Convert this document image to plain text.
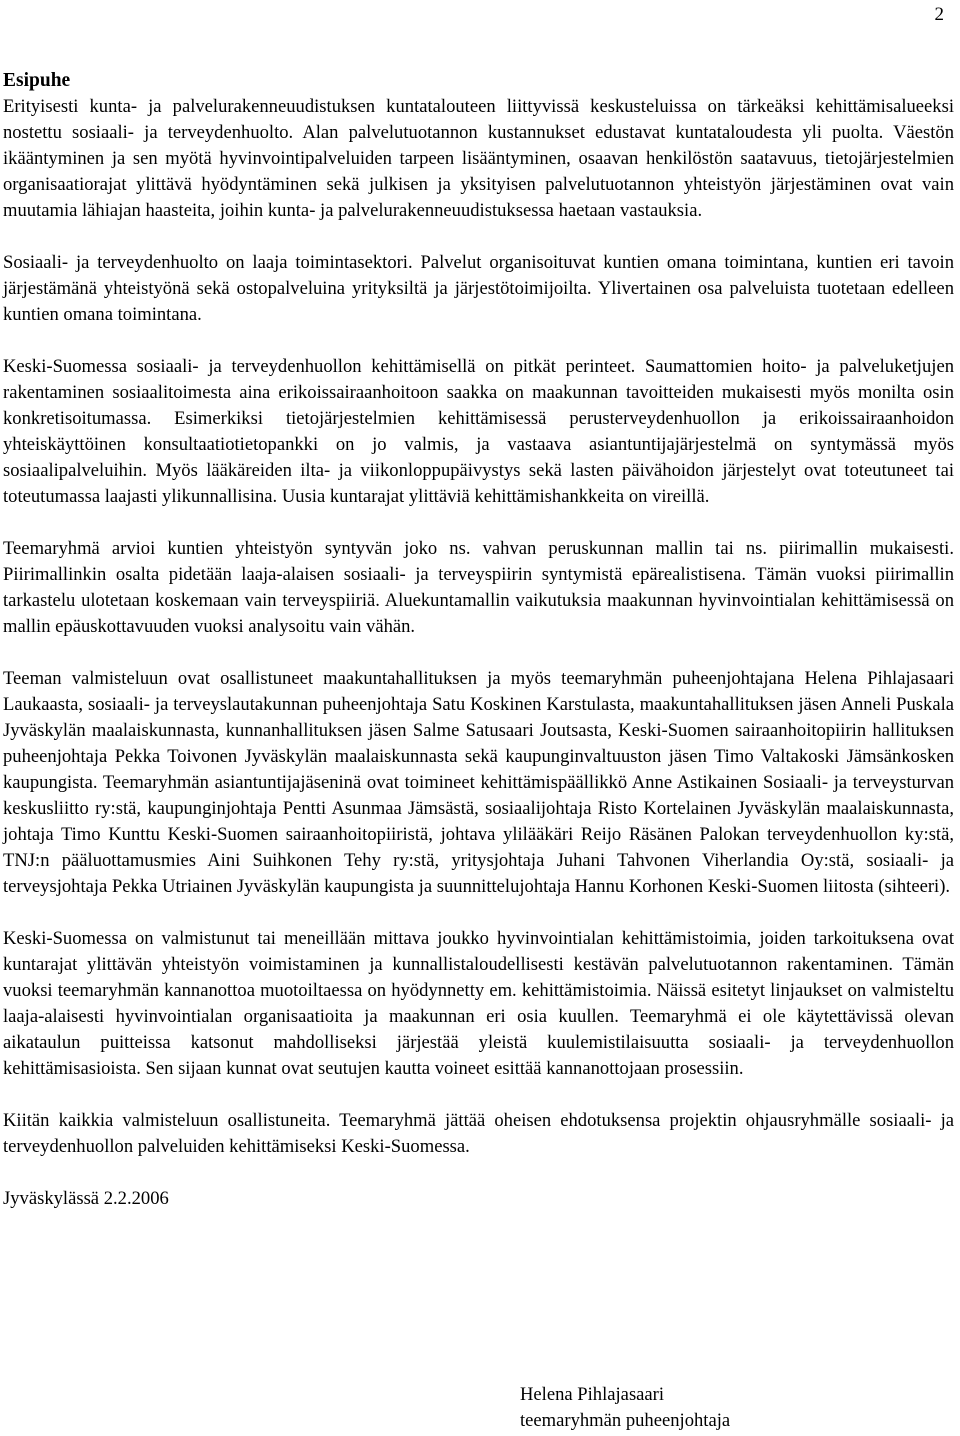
2
Esipuhe

Erityisesti kunta- ja palvelurakenneuudistuksen kuntatalouteen liittyvissä keskusteluissa on tärkeäksi kehittämisalueeksi nostettu sosiaali- ja terveydenhuolto. Alan palvelutuotannon kustannukset edustavat kuntataloudesta yli puolta. Väestön ikääntyminen ja sen myötä hyvinvointipalveluiden tarpeen lisääntyminen, osaavan henkilöstön saatavuus, tietojärjestelmien organisaatiorajat ylittävä hyödyntäminen sekä julkisen ja yksityisen palvelutuotannon yhteistyön järjestäminen ovat vain muutamia lähiajan haasteita, joihin kunta- ja palvelurakenneuudistuksessa haetaan vastauksia.

Sosiaali- ja terveydenhuolto on laaja toimintasektori. Palvelut organisoituvat kuntien omana toimintana, kuntien eri tavoin järjestämänä yhteistyönä sekä ostopalveluina yrityksiltä ja järjestötoimijoilta. Ylivertainen osa palveluista tuotetaan edelleen kuntien omana toimintana.

Keski-Suomessa sosiaali- ja terveydenhuollon kehittämisellä on pitkät perinteet. Saumattomien hoito- ja palveluketjujen rakentaminen sosiaalitoimesta aina erikoissairaanhoitoon saakka on maakunnan tavoitteiden mukaisesti myös monilta osin konkretisoitumassa. Esimerkiksi tietojärjestelmien kehittämisessä perusterveydenhuollon ja erikoissairaanhoidon yhteiskäyttöinen konsultaatiotietopankki on jo valmis, ja vastaava asiantuntijajärjestelmä on syntymässä myös sosiaalipalveluihin. Myös lääkäreiden ilta- ja viikonloppupäivystys sekä lasten päivähoidon järjestelyt ovat toteutuneet tai toteutumassa laajasti ylikunnallisina. Uusia kuntarajat ylittäviä kehittämishankkeita on vireillä.

Teemaryhmä arvioi kuntien yhteistyön syntyvän joko ns. vahvan peruskunnan mallin tai ns. piirimallin mukaisesti. Piirimallinkin osalta pidetään laaja-alaisen sosiaali- ja terveyspiirin syntymistä epärealistisena. Tämän vuoksi piirimallin tarkastelu ulotetaan koskemaan vain terveyspiiriä. Aluekuntamallin vaikutuksia maakunnan hyvinvointialan kehittämisessä on mallin epäuskottavuuden vuoksi analysoitu vain vähän.

Teeman valmisteluun ovat osallistuneet maakuntahallituksen ja myös teemaryhmän puheenjohtajana Helena Pihlajasaari Laukaasta, sosiaali- ja terveyslautakunnan puheenjohtaja Satu Koskinen Karstulasta, maakuntahallituksen jäsen Anneli Puskala Jyväskylän maalaiskunnasta, kunnanhallituksen jäsen Salme Satusaari Joutsasta, Keski-Suomen sairaanhoitopiirin hallituksen puheenjohtaja Pekka Toivonen Jyväskylän maalaiskunnasta sekä kaupunginvaltuuston jäsen Timo Valtakoski Jämsänkosken kaupungista. Teemaryhmän asiantuntijajäseninä ovat toimineet kehittämispäällikkö Anne Astikainen Sosiaali- ja terveysturvan keskusliitto ry:stä, kaupunginjohtaja Pentti Asunmaa Jämsästä, sosiaalijohtaja Risto Kortelainen Jyväskylän maalaiskunnasta, johtaja Timo Kunttu Keski-Suomen sairaanhoitopiiristä, johtava ylilääkäri Reijo Räsänen Palokan terveydenhuollon ky:stä, TNJ:n pääluottamusmies Aini Suihkonen Tehy ry:stä, yritysjohtaja Juhani Tahvonen Viherlandia Oy:stä, sosiaali- ja terveysjohtaja Pekka Utriainen Jyväskylän kaupungista ja suunnittelujohtaja Hannu Korhonen Keski-Suomen liitosta (sihteeri).

Keski-Suomessa on valmistunut tai meneillään mittava joukko hyvinvointialan kehittämistoimia, joiden tarkoituksena ovat kuntarajat ylittävän yhteistyön voimistaminen ja kunnallistaloudellisesti kestävän palvelutuotannon rakentaminen. Tämän vuoksi teemaryhmän kannanottoa muotoiltaessa on hyödynnetty em. kehittämistoimia. Näissä esitetyt linjaukset on valmisteltu laaja-alaisesti hyvinvointialan organisaatioita ja maakunnan eri osia kuullen. Teemaryhmä ei ole käytettävissä olevan aikataulun puitteissa katsonut mahdolliseksi järjestää yleistä kuulemistilaisuutta sosiaali- ja terveydenhuollon kehittämisasioista. Sen sijaan kunnat ovat seutujen kautta voineet esittää kannanottojaan prosessiin.

Kiitän kaikkia valmisteluun osallistuneita. Teemaryhmä jättää oheisen ehdotuksensa projektin ohjausryhmälle sosiaali- ja terveydenhuollon palveluiden kehittämiseksi Keski-Suomessa.

Jyväskylässä 2.2.2006

Helena Pihlajasaari
teemaryhmän puheenjohtaja
